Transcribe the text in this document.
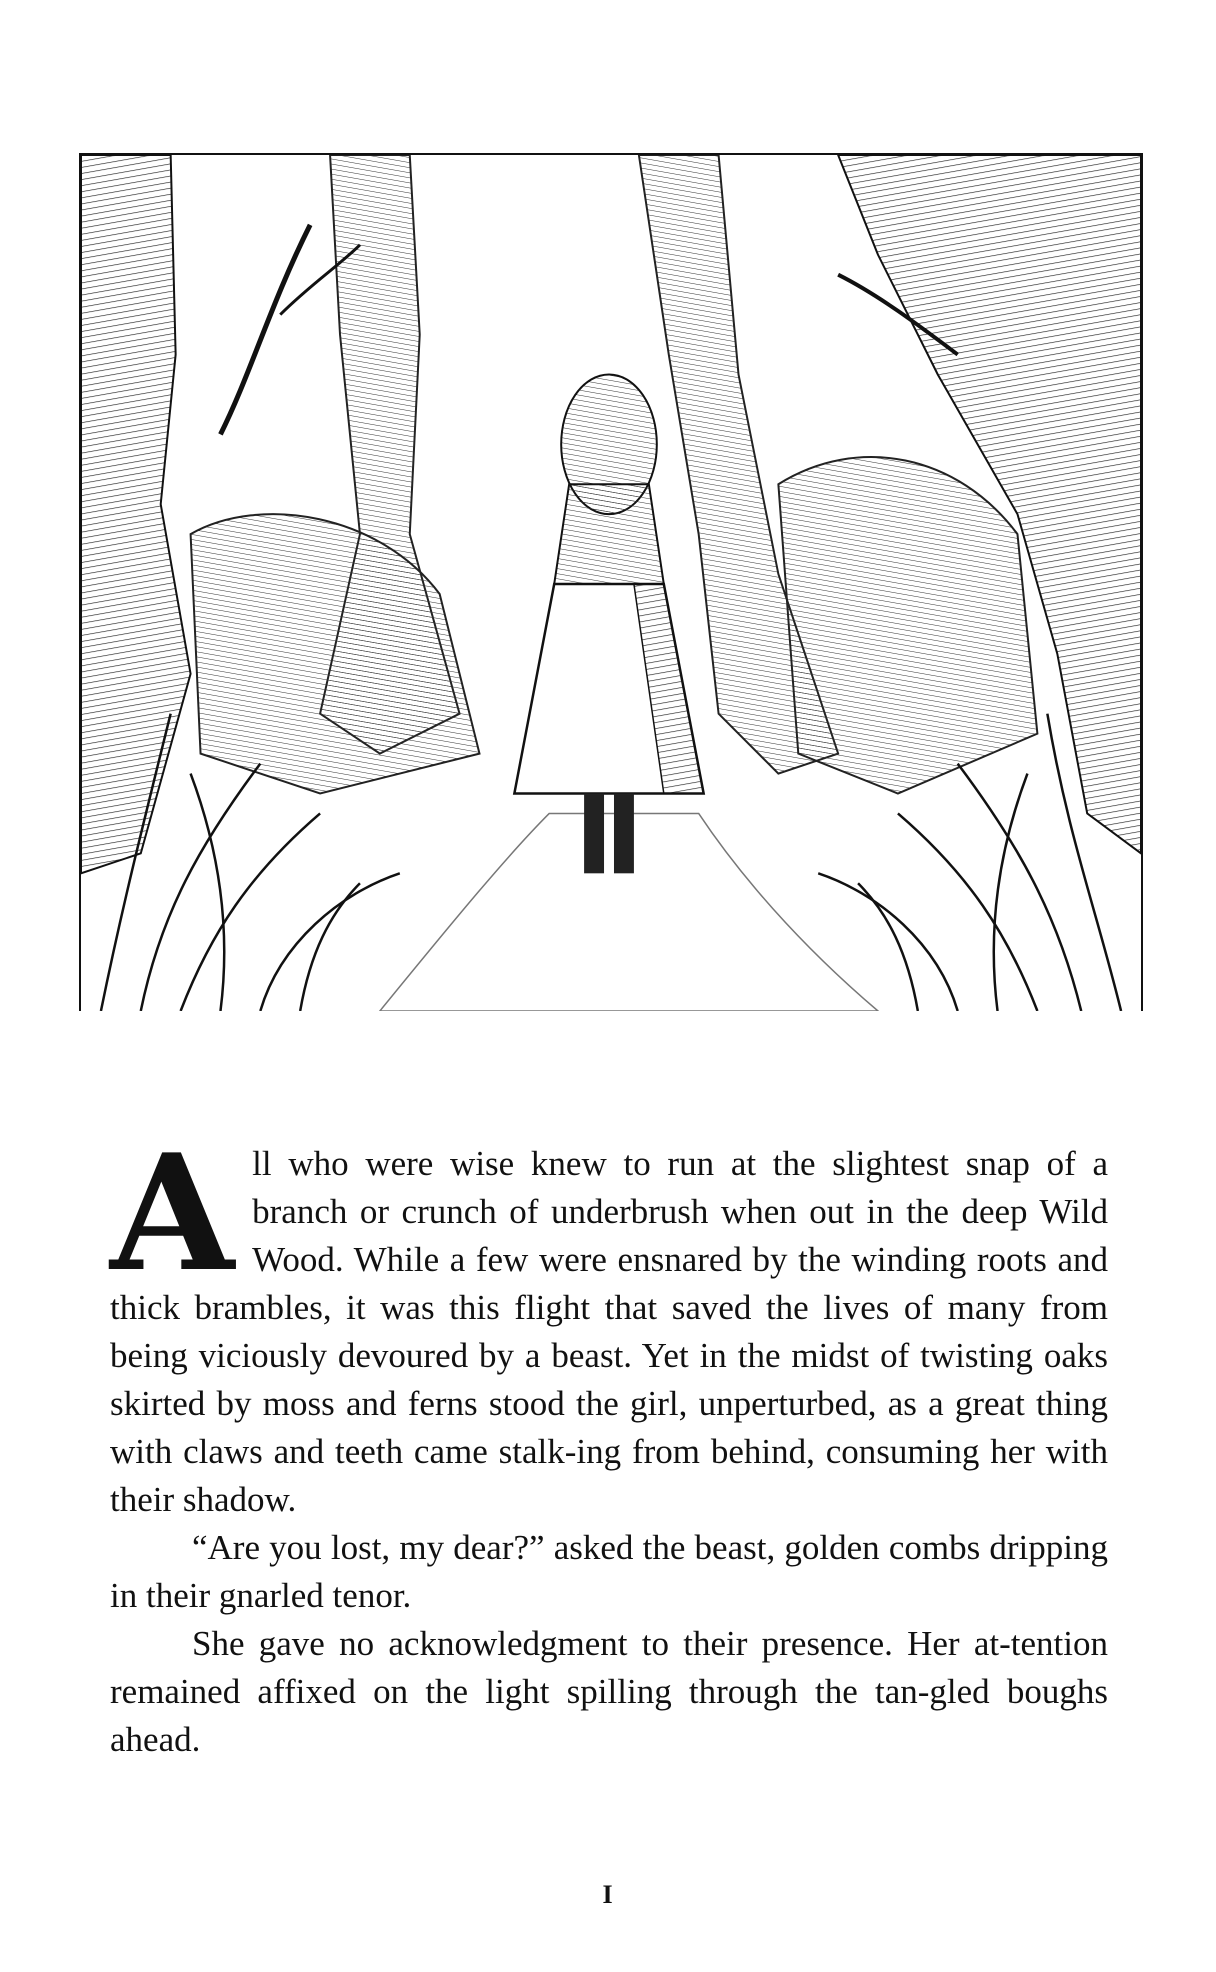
All who were wise knew to run at the slightest snap of a branch or crunch of underbrush when out in the deep Wild Wood. While a few were ensnared by the winding roots and thick brambles, it was this flight that saved the lives of many from being viciously devoured by a beast. Yet in the midst of twisting oaks skirted by moss and ferns stood the girl, unperturbed, as a great thing with claws and teeth came stalk-ing from behind, consuming her with their shadow.

“Are you lost, my dear?” asked the beast, golden combs dripping in their gnarled tenor.

She gave no acknowledgment to their presence. Her at-tention remained affixed on the light spilling through the tan-gled boughs ahead.

I
